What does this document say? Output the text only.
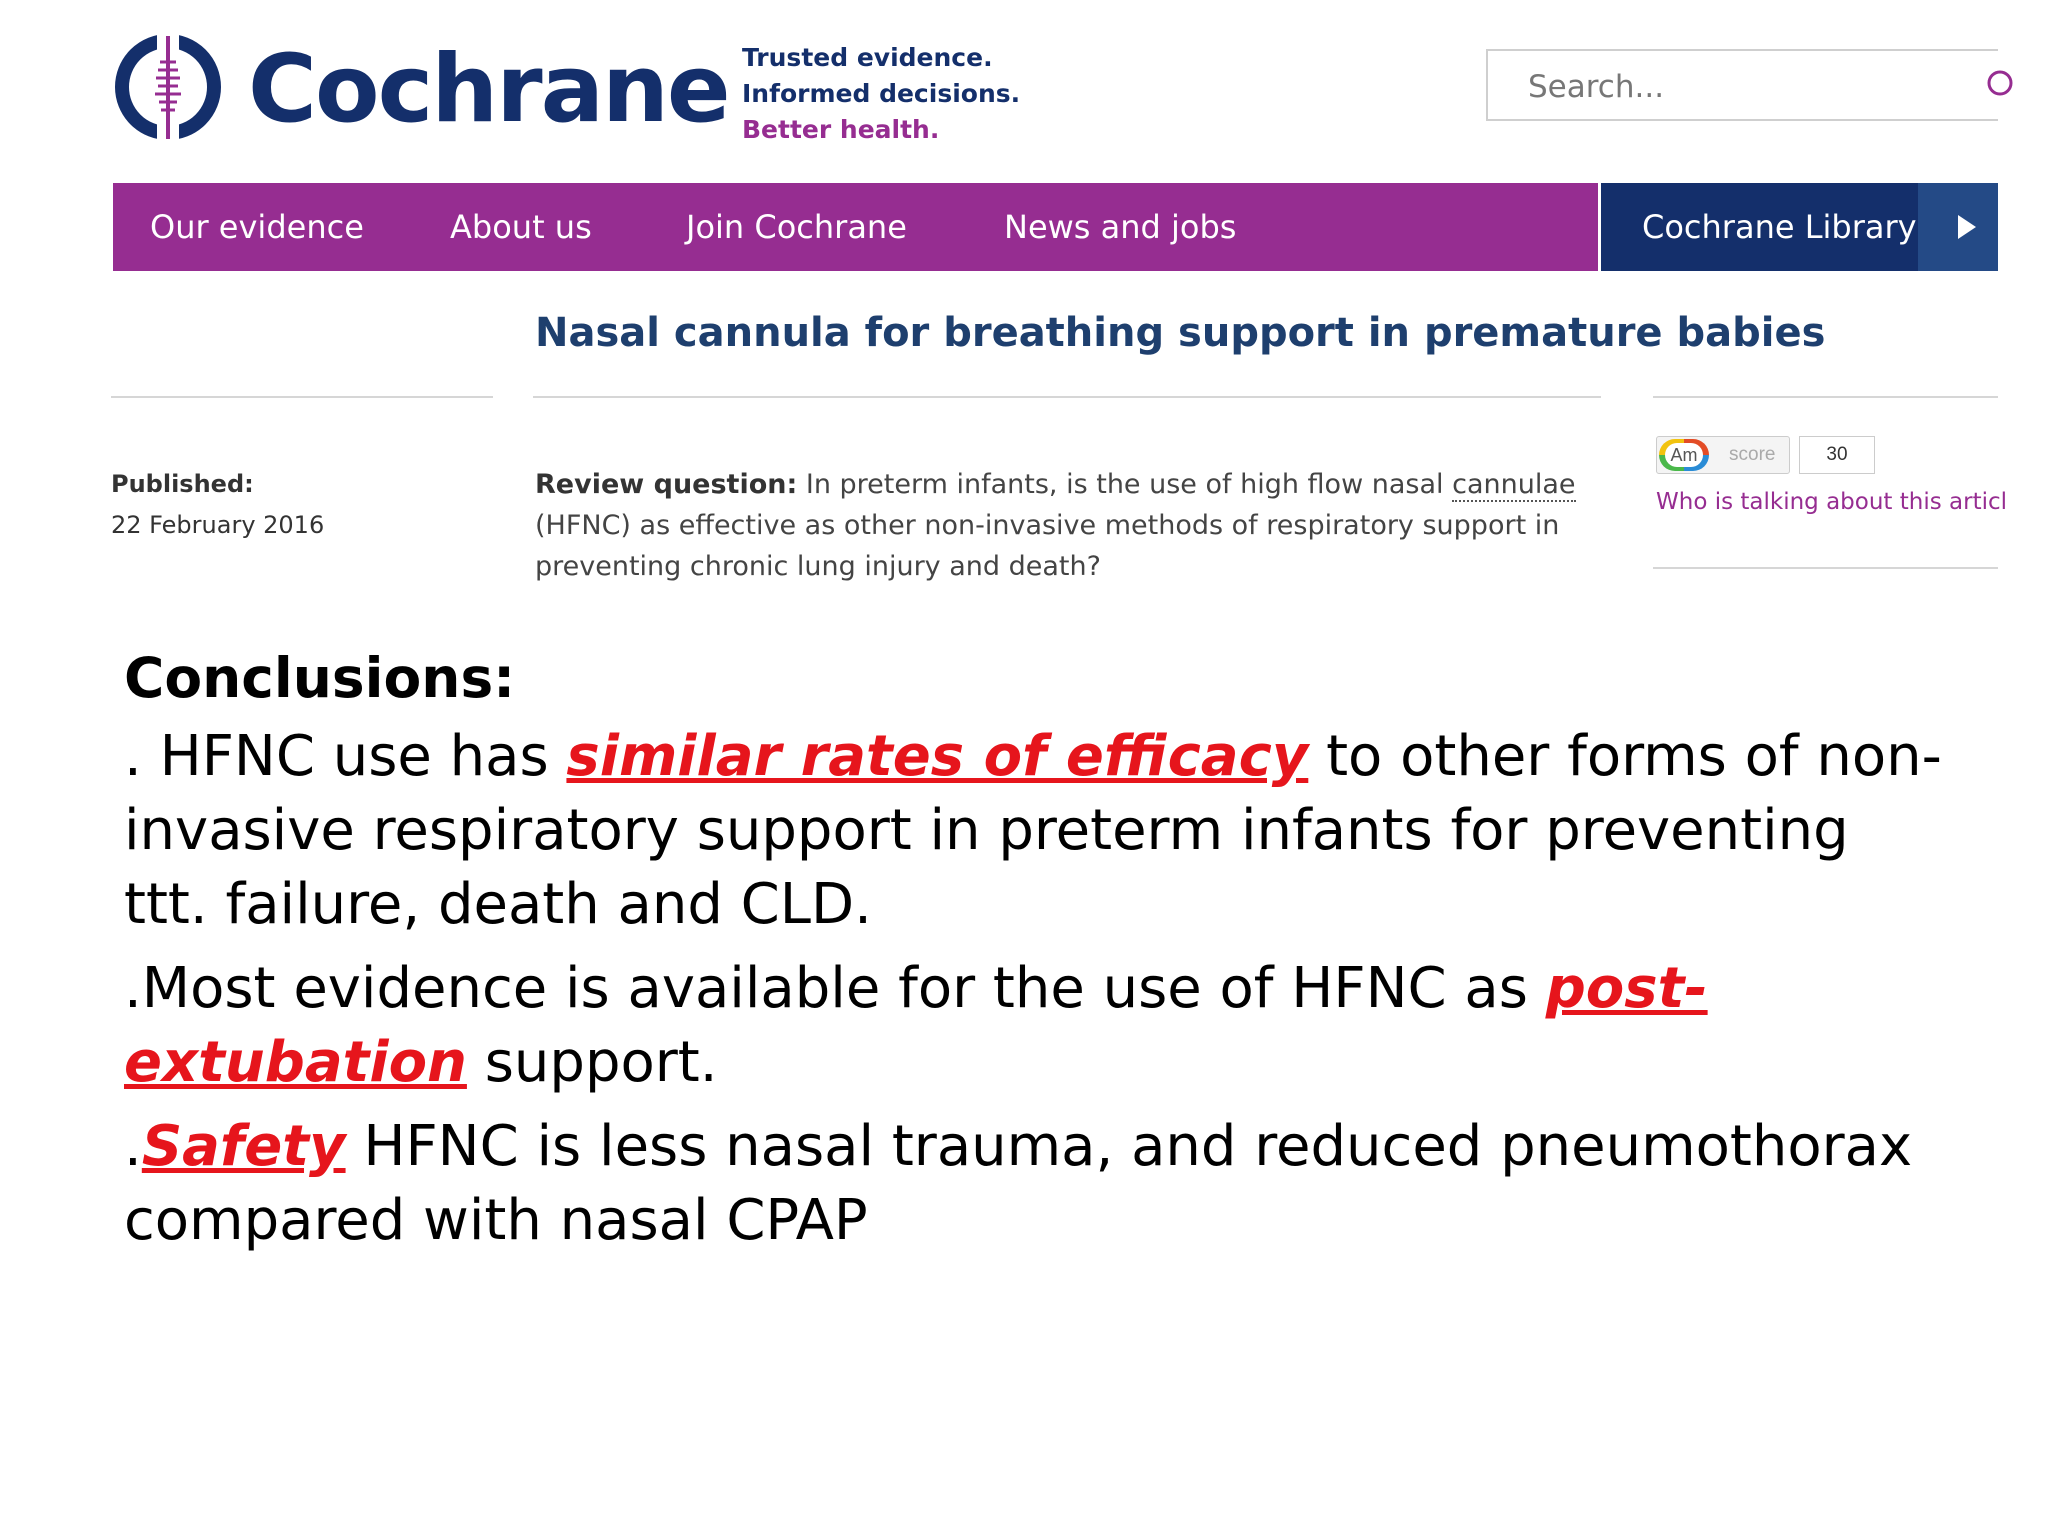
Cochrane Trusted evidence.
Informed decisions.
Better health.
Search...
Our evidence	About us	Join Cochrane	News and jobs	Cochrane Library
Nasal cannula for breathing support in premature babies
Published:
22 February 2016
Review question: In preterm infants, is the use of high flow nasal cannulae
(HFNC) as effective as other non-invasive methods of respiratory support in
preventing chronic lung injury and death?
Am score	30
Who is talking about this articl

Conclusions:

. HFNC use has similar rates of efficacy to other forms of non-
invasive respiratory support in preterm infants for preventing
ttt. failure, death and CLD.

.Most evidence is available for the use of HFNC as post-
extubation support.

.Safety HFNC is less nasal trauma, and reduced pneumothorax
compared with nasal CPAP
